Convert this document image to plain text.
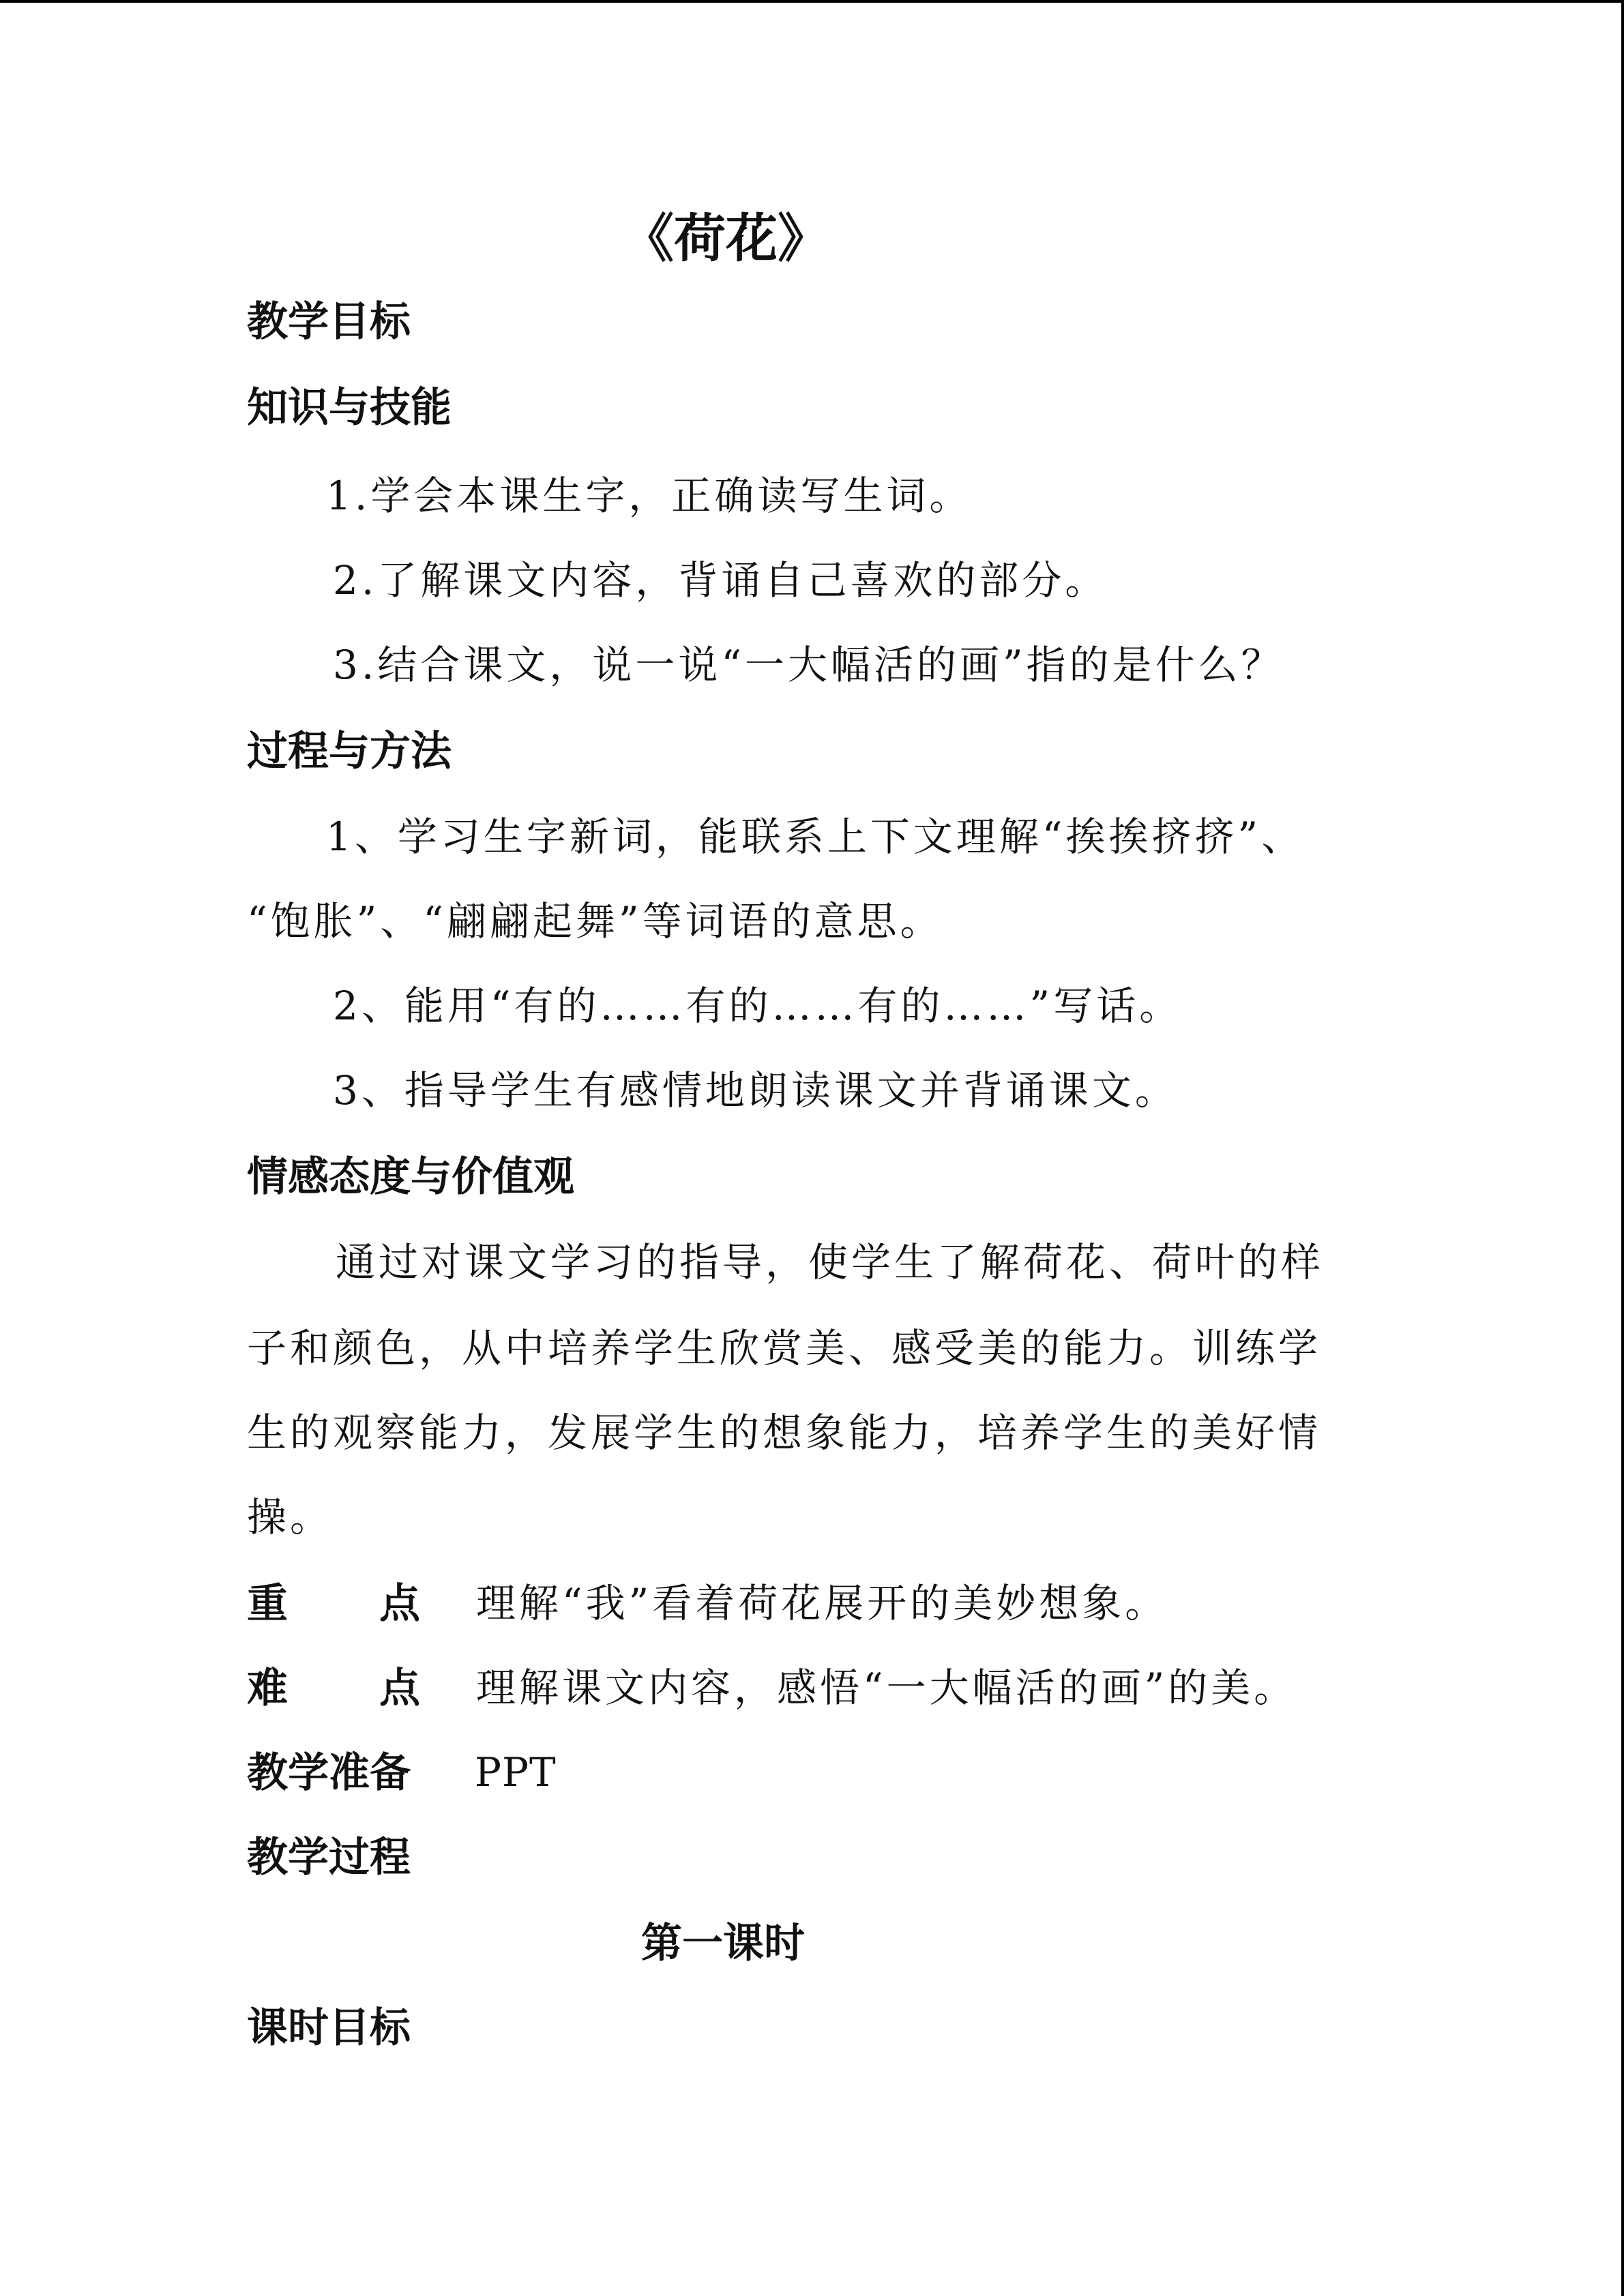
《荷花》
教学目标
知识与技能
1.学会本课生字，正确读写生词。
2.了解课文内容，背诵自己喜欢的部分。
3.结合课文，说一说“一大幅活的画”指的是什么？
过程与方法
1、学习生字新词，能联系上下文理解“挨挨挤挤”、
“饱胀”、“翩翩起舞”等词语的意思。
2、能用“有的……有的……有的……”写话。
3、指导学生有感情地朗读课文并背诵课文。
情感态度与价值观
通过对课文学习的指导，使学生了解荷花、荷叶的样
子和颜色，从中培养学生欣赏美、感受美的能力。训练学
生的观察能力，发展学生的想象能力，培养学生的美好情
操。
重 点 理解“我”看着荷花展开的美妙想象。
难 点 理解课文内容，感悟“一大幅活的画”的美。
教学准备 PPT
教学过程
第一课时
课时目标
